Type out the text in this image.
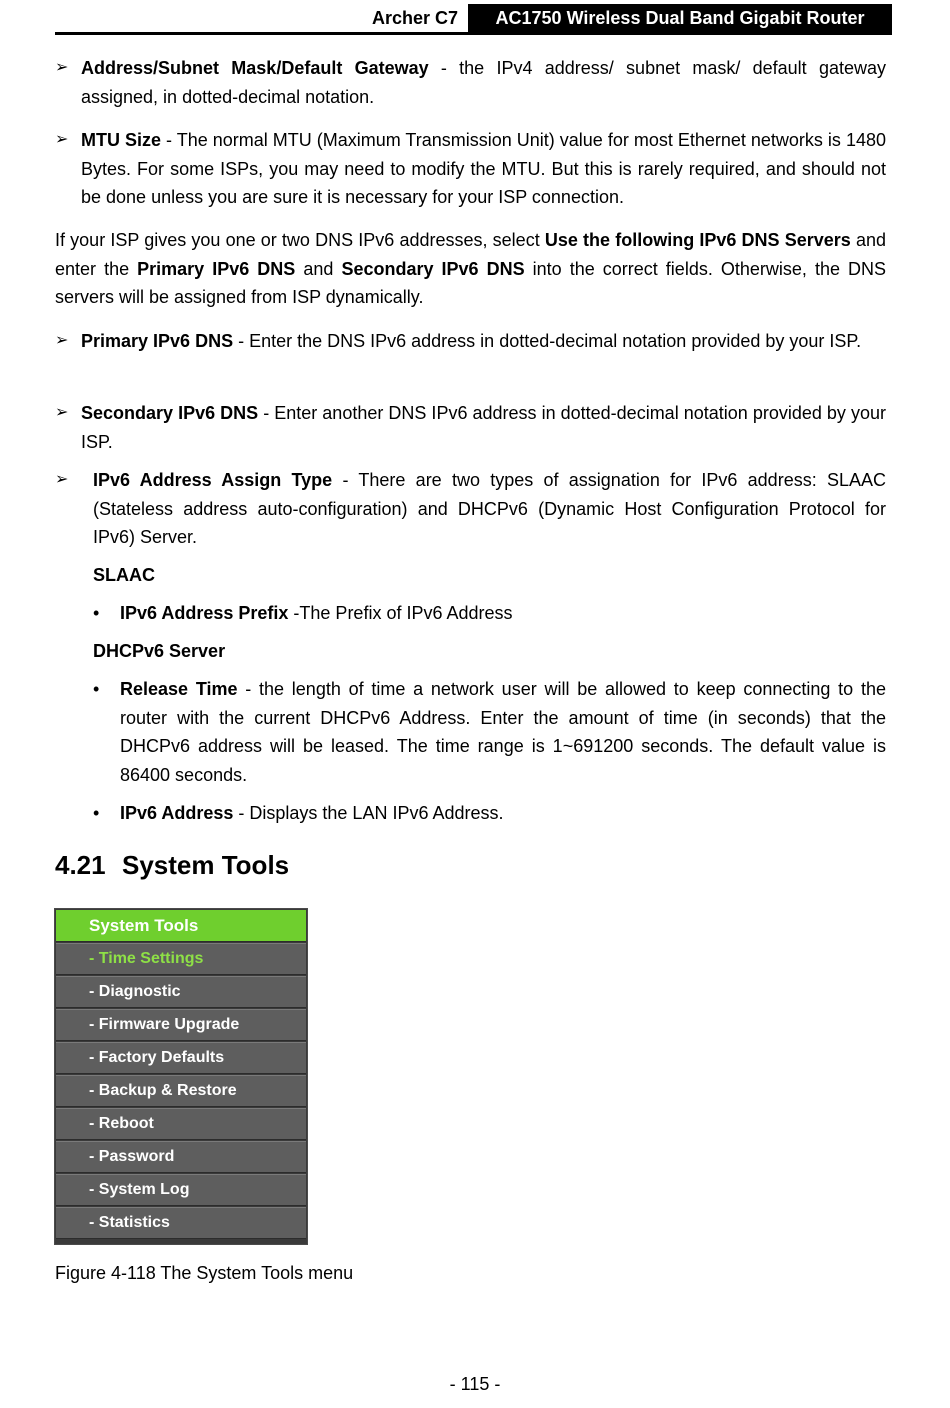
Archer C7 AC1750 Wireless Dual Band Gigabit Router
➢ Address/Subnet Mask/Default Gateway - the IPv4 address/ subnet mask/ default gateway assigned, in dotted-decimal notation.
➢ MTU Size - The normal MTU (Maximum Transmission Unit) value for most Ethernet networks is 1480 Bytes. For some ISPs, you may need to modify the MTU. But this is rarely required, and should not be done unless you are sure it is necessary for your ISP connection.
If your ISP gives you one or two DNS IPv6 addresses, select Use the following IPv6 DNS Servers and enter the Primary IPv6 DNS and Secondary IPv6 DNS into the correct fields. Otherwise, the DNS servers will be assigned from ISP dynamically.
➢ Primary IPv6 DNS - Enter the DNS IPv6 address in dotted-decimal notation provided by your ISP.
➢ Secondary IPv6 DNS - Enter another DNS IPv6 address in dotted-decimal notation provided by your ISP.
➢ IPv6 Address Assign Type - There are two types of assignation for IPv6 address: SLAAC (Stateless address auto-configuration) and DHCPv6 (Dynamic Host Configuration Protocol for IPv6) Server.
SLAAC
• IPv6 Address Prefix -The Prefix of IPv6 Address
DHCPv6 Server
• Release Time - the length of time a network user will be allowed to keep connecting to the router with the current DHCPv6 Address. Enter the amount of time (in seconds) that the DHCPv6 address will be leased. The time range is 1~691200 seconds. The default value is 86400 seconds.
• IPv6 Address - Displays the LAN IPv6 Address.
4.21 System Tools
System Tools
- Time Settings
- Diagnostic
- Firmware Upgrade
- Factory Defaults
- Backup & Restore
- Reboot
- Password
- System Log
- Statistics
Figure 4-118 The System Tools menu
- 115 -
